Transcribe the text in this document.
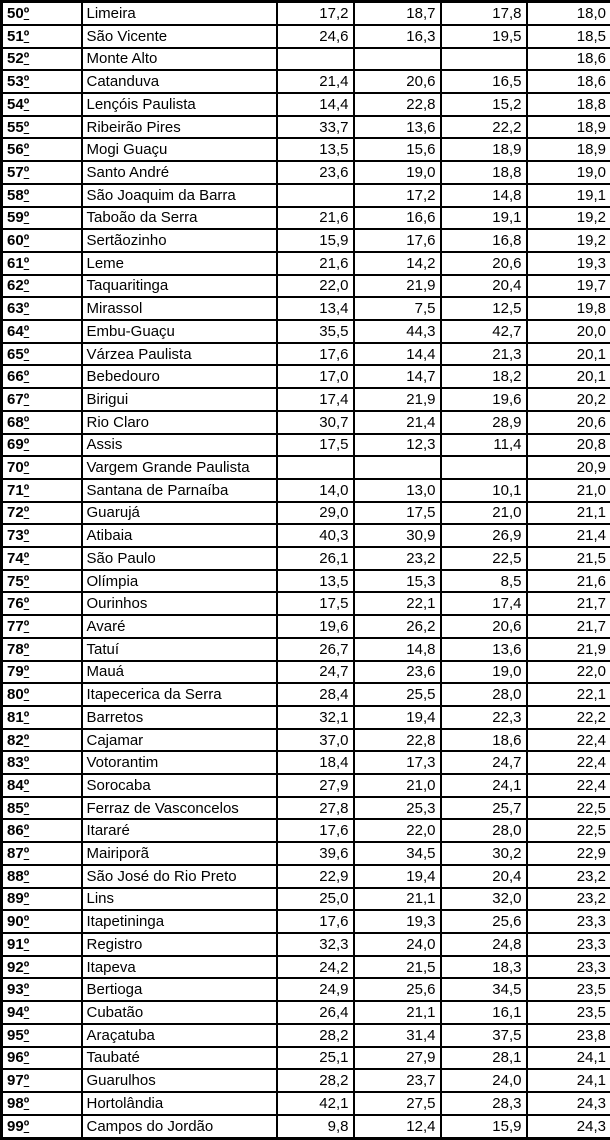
50º	Limeira	17,2	18,7	17,8	18,0
51º	São Vicente	24,6	16,3	19,5	18,5
52º	Monte Alto				18,6
53º	Catanduva	21,4	20,6	16,5	18,6
54º	Lençóis Paulista	14,4	22,8	15,2	18,8
55º	Ribeirão Pires	33,7	13,6	22,2	18,9
56º	Mogi Guaçu	13,5	15,6	18,9	18,9
57º	Santo André	23,6	19,0	18,8	19,0
58º	São Joaquim da Barra		17,2	14,8	19,1
59º	Taboão da Serra	21,6	16,6	19,1	19,2
60º	Sertãozinho	15,9	17,6	16,8	19,2
61º	Leme	21,6	14,2	20,6	19,3
62º	Taquaritinga	22,0	21,9	20,4	19,7
63º	Mirassol	13,4	7,5	12,5	19,8
64º	Embu-Guaçu	35,5	44,3	42,7	20,0
65º	Várzea Paulista	17,6	14,4	21,3	20,1
66º	Bebedouro	17,0	14,7	18,2	20,1
67º	Birigui	17,4	21,9	19,6	20,2
68º	Rio Claro	30,7	21,4	28,9	20,6
69º	Assis	17,5	12,3	11,4	20,8
70º	Vargem Grande Paulista				20,9
71º	Santana de Parnaíba	14,0	13,0	10,1	21,0
72º	Guarujá	29,0	17,5	21,0	21,1
73º	Atibaia	40,3	30,9	26,9	21,4
74º	São Paulo	26,1	23,2	22,5	21,5
75º	Olímpia	13,5	15,3	8,5	21,6
76º	Ourinhos	17,5	22,1	17,4	21,7
77º	Avaré	19,6	26,2	20,6	21,7
78º	Tatuí	26,7	14,8	13,6	21,9
79º	Mauá	24,7	23,6	19,0	22,0
80º	Itapecerica da Serra	28,4	25,5	28,0	22,1
81º	Barretos	32,1	19,4	22,3	22,2
82º	Cajamar	37,0	22,8	18,6	22,4
83º	Votorantim	18,4	17,3	24,7	22,4
84º	Sorocaba	27,9	21,0	24,1	22,4
85º	Ferraz de Vasconcelos	27,8	25,3	25,7	22,5
86º	Itararé	17,6	22,0	28,0	22,5
87º	Mairiporã	39,6	34,5	30,2	22,9
88º	São José do Rio Preto	22,9	19,4	20,4	23,2
89º	Lins	25,0	21,1	32,0	23,2
90º	Itapetininga	17,6	19,3	25,6	23,3
91º	Registro	32,3	24,0	24,8	23,3
92º	Itapeva	24,2	21,5	18,3	23,3
93º	Bertioga	24,9	25,6	34,5	23,5
94º	Cubatão	26,4	21,1	16,1	23,5
95º	Araçatuba	28,2	31,4	37,5	23,8
96º	Taubaté	25,1	27,9	28,1	24,1
97º	Guarulhos	28,2	23,7	24,0	24,1
98º	Hortolândia	42,1	27,5	28,3	24,3
99º	Campos do Jordão	9,8	12,4	15,9	24,3
